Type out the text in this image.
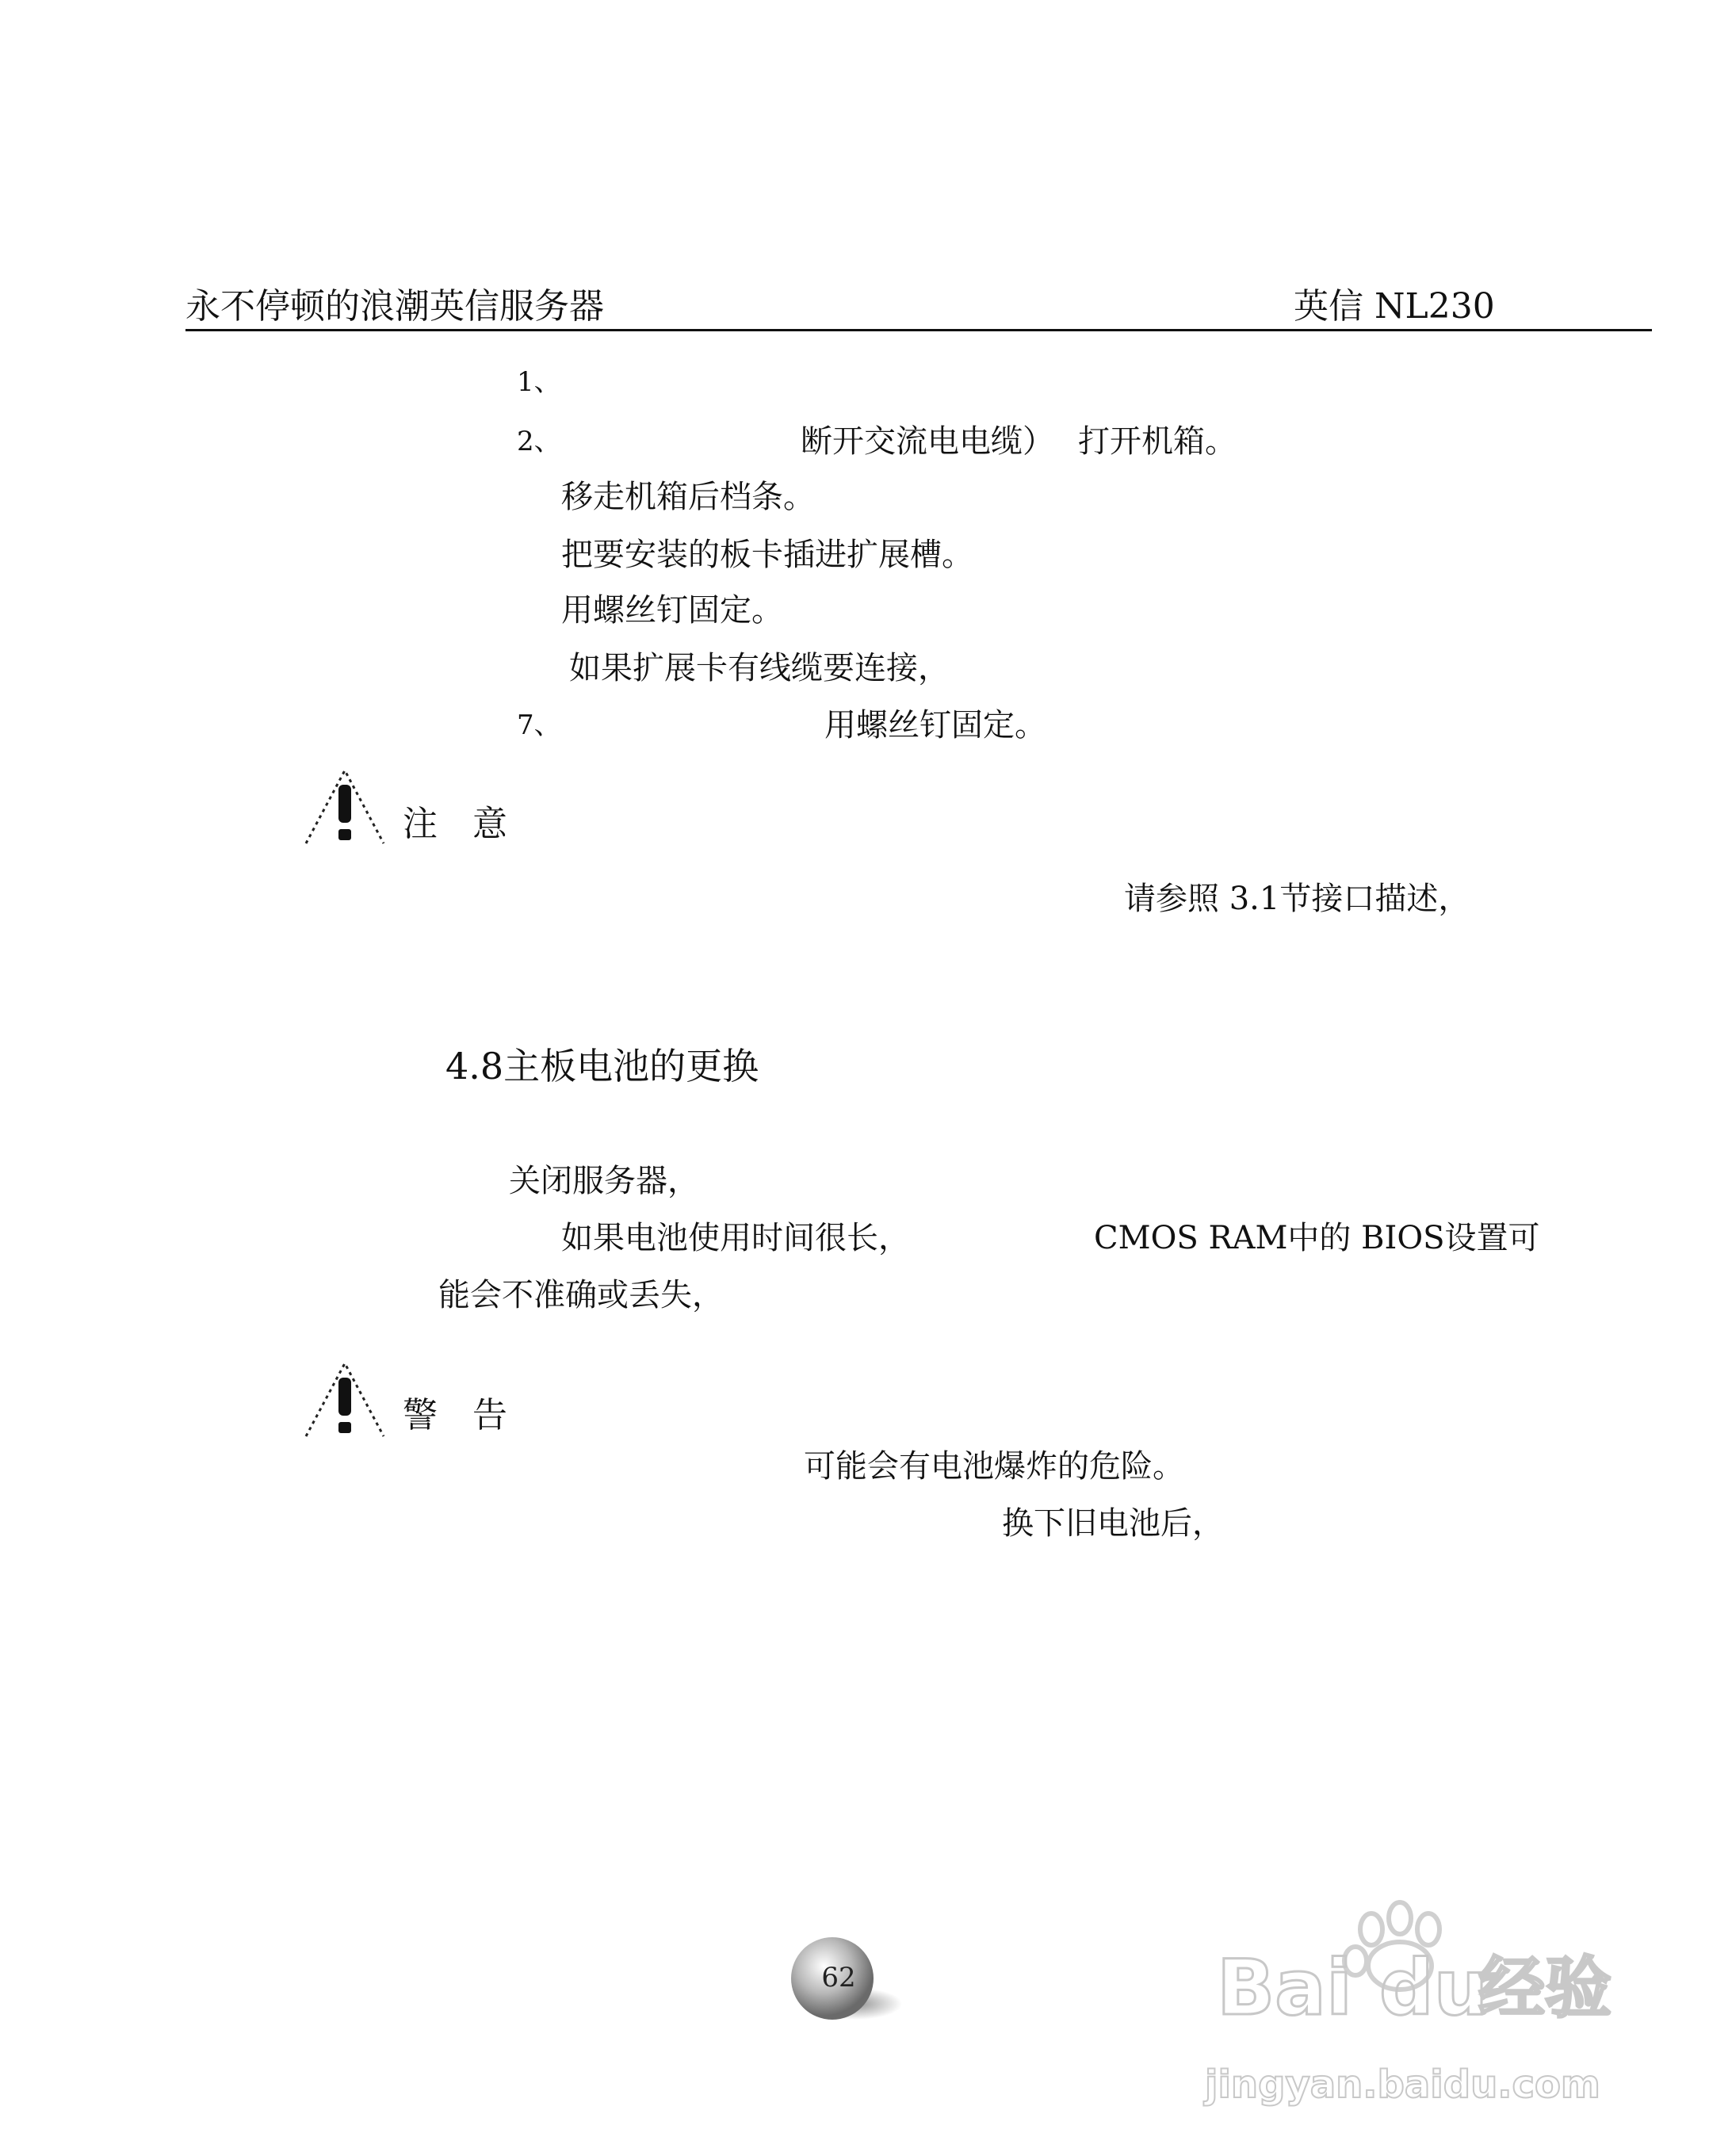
永不停顿的浪潮英信服务器	英信 NL230
1、
2、	断开交流电电缆） 打开机箱。
移走机箱后档条。
把要安装的板卡插进扩展槽。
用螺丝钉固定。
如果扩展卡有线缆要连接，
7、	用螺丝钉固定。
注　意
请参照 3.1节接口描述，
4.8主板电池的更换
关闭服务器，
如果电池使用时间很长，	CMOS RAM中的 BIOS设置可
能会不准确或丢失，
警　告
可能会有电池爆炸的危险。
换下旧电池后，
62	Bai du
经验
jingyan.baidu.com
